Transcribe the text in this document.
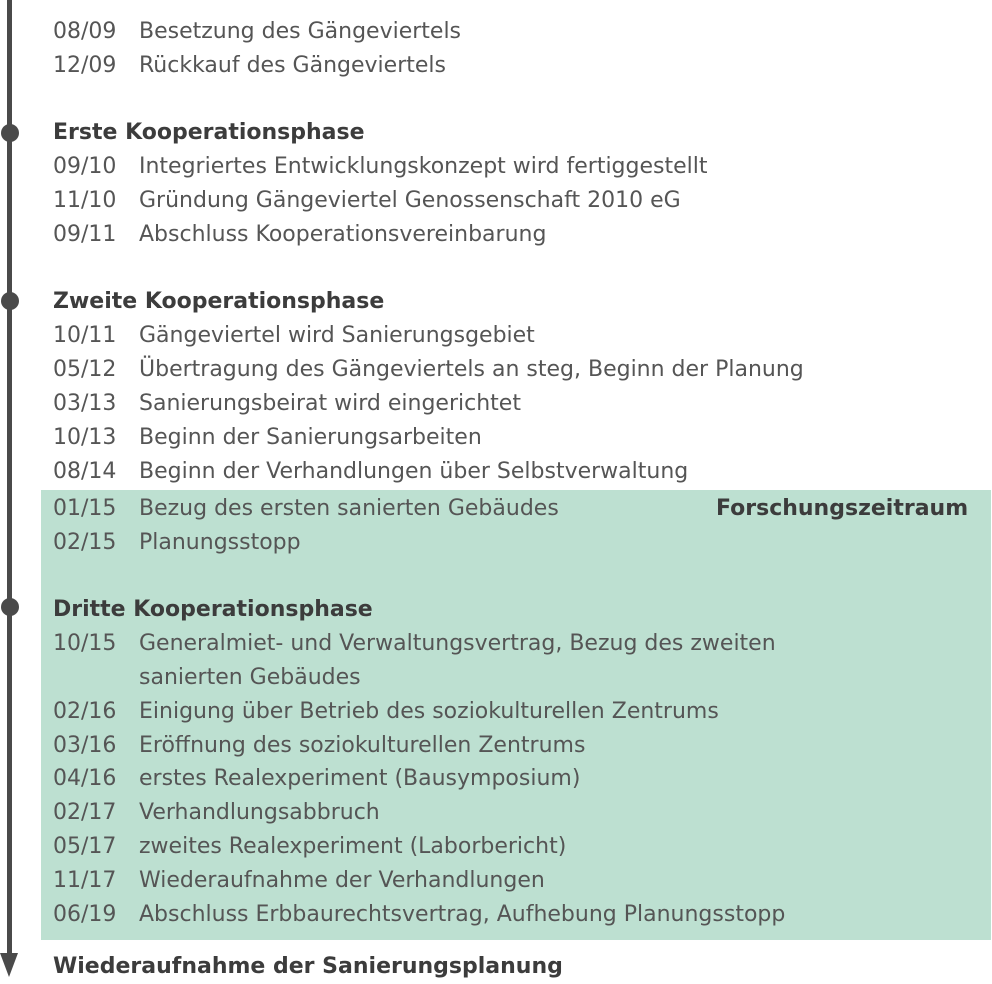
Forschungszeitraum
08/09 Besetzung des Gängeviertels
12/09 Rückkauf des Gängeviertels
Erste Kooperationsphase
09/10 Integriertes Entwicklungskonzept wird fertiggestellt
11/10 Gründung Gängeviertel Genossenschaft 2010 eG
09/11 Abschluss Kooperationsvereinbarung
Zweite Kooperationsphase
10/11 Gängeviertel wird Sanierungsgebiet
05/12 Übertragung des Gängeviertels an steg, Beginn der Planung
03/13 Sanierungsbeirat wird eingerichtet
10/13 Beginn der Sanierungsarbeiten
08/14 Beginn der Verhandlungen über Selbstverwaltung
01/15 Bezug des ersten sanierten Gebäudes
02/15 Planungsstopp
Dritte Kooperationsphase
10/15 Generalmiet- und Verwaltungsvertrag, Bezug des zweiten
sanierten Gebäudes
02/16 Einigung über Betrieb des soziokulturellen Zentrums
03/16 Eröffnung des soziokulturellen Zentrums
04/16 erstes Realexperiment (Bausymposium)
02/17 Verhandlungsabbruch
05/17 zweites Realexperiment (Laborbericht)
11/17 Wiederaufnahme der Verhandlungen
06/19 Abschluss Erbbaurechtsvertrag, Aufhebung Planungsstopp
Wiederaufnahme der Sanierungsplanung
